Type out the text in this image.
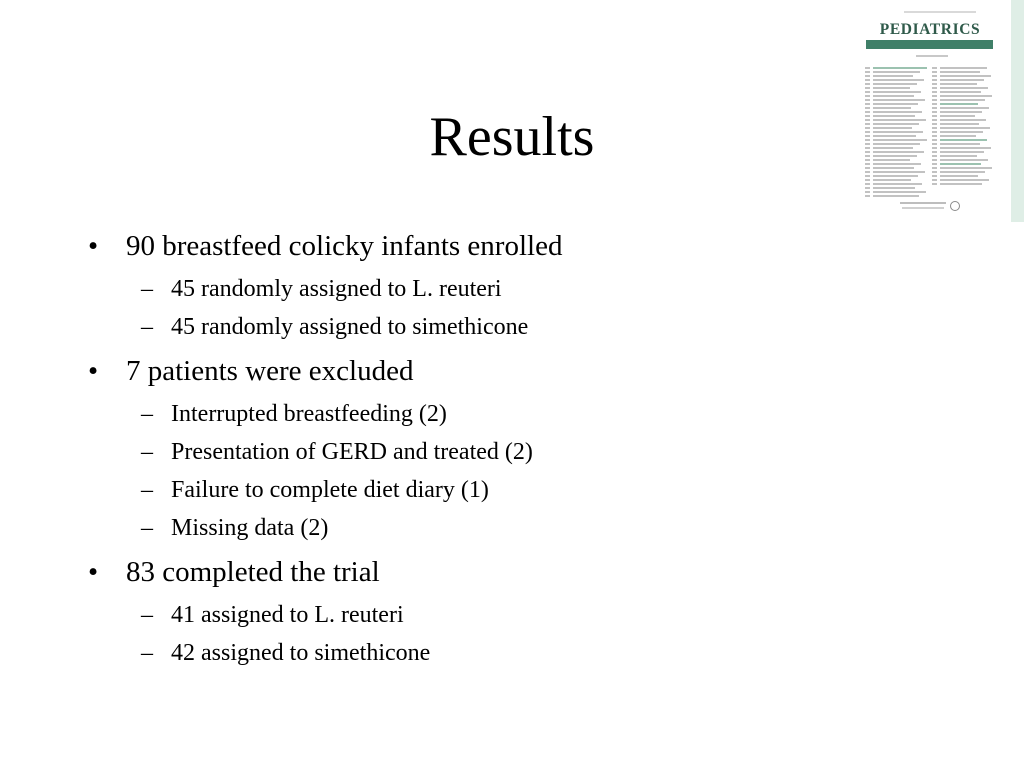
PEDIATRICS
Results
• 90 breastfeed colicky infants enrolled
– 45 randomly assigned to L. reuteri
– 45 randomly assigned to simethicone
• 7 patients were excluded
– Interrupted breastfeeding (2)
– Presentation of GERD and treated (2)
– Failure to complete diet diary (1)
– Missing data (2)
• 83 completed the trial
– 41 assigned to L. reuteri
– 42 assigned to simethicone
